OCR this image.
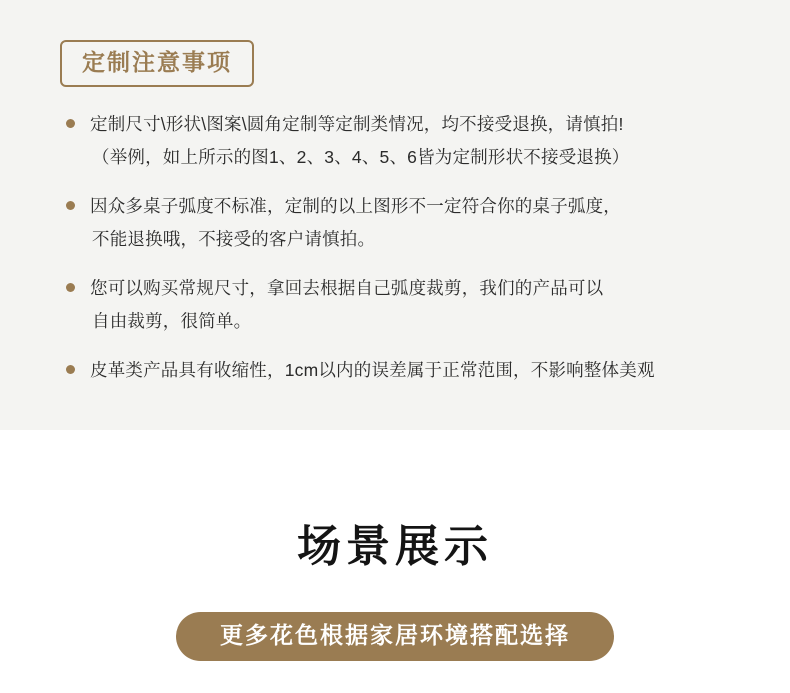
定制注意事项
定制尺寸\形状\图案\圆角定制等定制类情况，均不接受退换，请慎拍!
（举例，如上所示的图1、2、3、4、5、6皆为定制形状不接受退换）
因众多桌子弧度不标准，定制的以上图形不一定符合你的桌子弧度，
不能退换哦，不接受的客户请慎拍。
您可以购买常规尺寸，拿回去根据自己弧度裁剪，我们的产品可以
自由裁剪，很简单。
皮革类产品具有收缩性，1cm以内的误差属于正常范围，不影响整体美观
场景展示
更多花色根据家居环境搭配选择
